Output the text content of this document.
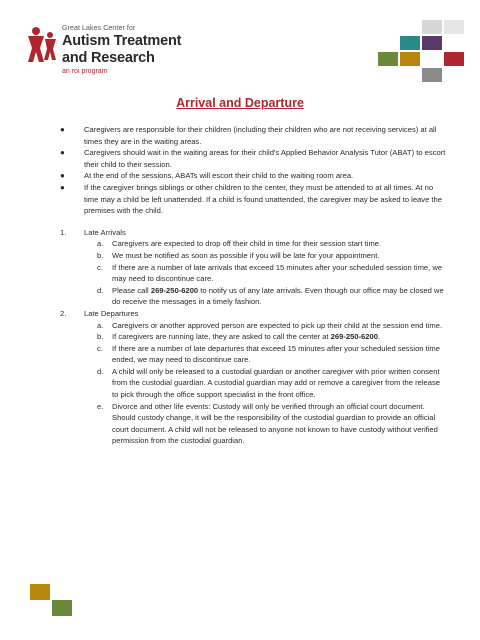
Great Lakes Center for
Autism Treatment
and Research
an roi program
Arrival and Departure
●	Caregivers are responsible for their children (including their children who are not receiving services) at all times they are in the waiting areas.
●	Caregivers should wait in the waiting areas for their child's Applied Behavior Analysis Tutor (ABAT) to escort their child to their session.
●	At the end of the sessions, ABATs will escort their child to the waiting room area.
●	If the caregiver brings siblings or other children to the center, they must be attended to at all times. At no time may a child be left unattended. If a child is found unattended, the caregiver may be asked to leave the premises with the child.
1. Late Arrivals
a. Caregivers are expected to drop off their child in time for their session start time.
b. We must be notified as soon as possible if you will be late for your appointment.
c. If there are a number of late arrivals that exceed 15 minutes after your scheduled session time, we may need to discontinue care.
d. Please call 269-250-6200 to notify us of any late arrivals. Even though our office may be closed we do receive the messages in a timely fashion.
2. Late Departures
a. Caregivers or another approved person are expected to pick up their child at the session end time.
b. If caregivers are running late, they are asked to call the center at 269-250-6200.
c. If there are a number of late departures that exceed 15 minutes after your scheduled session time ended, we may need to discontinue care.
d. A child will only be released to a custodial guardian or another caregiver with prior written consent from the custodial guardian. A custodial guardian may add or remove a caregiver from the release to pick through the office support specialist in the front office.
e. Divorce and other life events: Custody will only be verified through an official court document. Should custody change, it will be the responsibility of the custodial guardian to provide an official court document. A child will not be released to anyone not known to have custody without verified permission from the custodial guardian.
